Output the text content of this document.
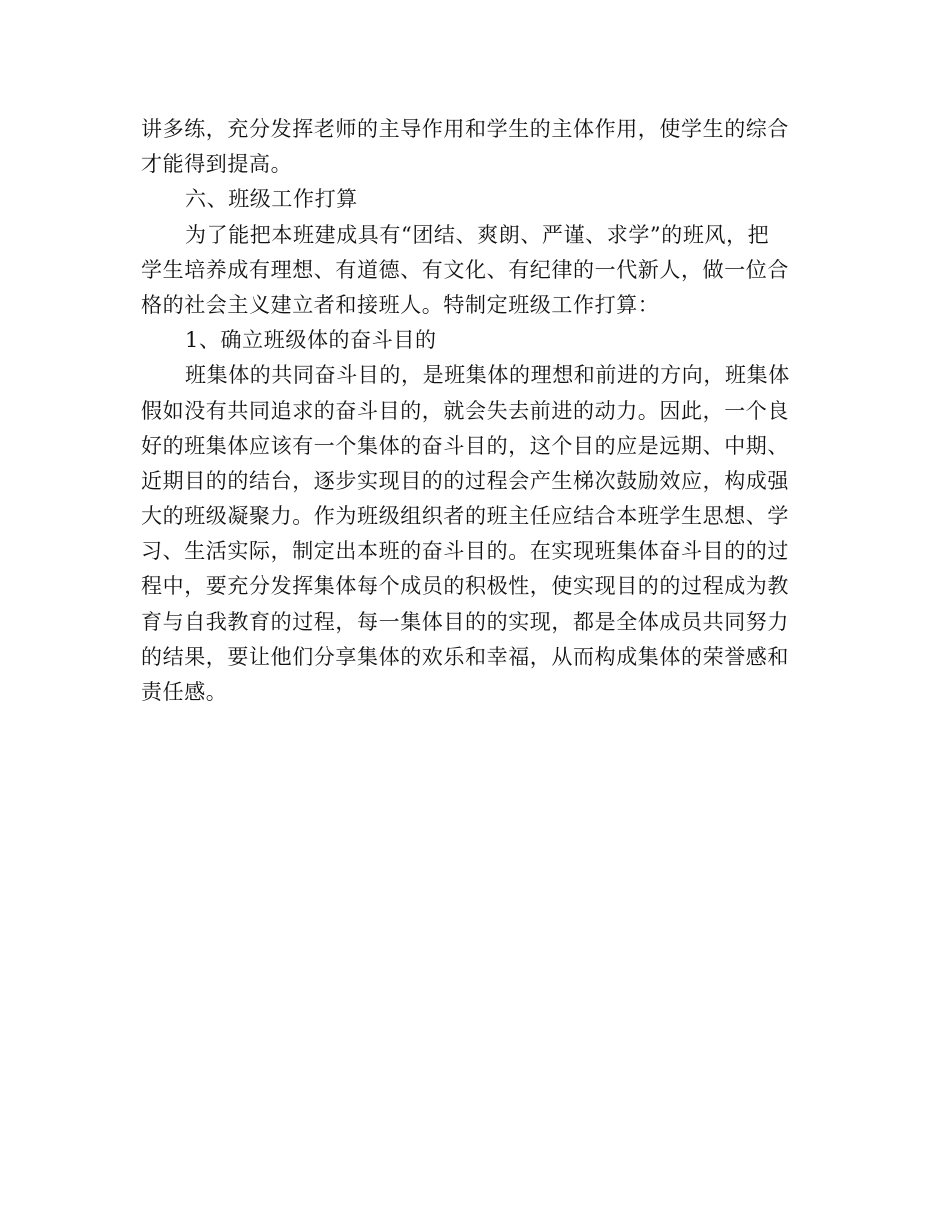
讲多练，充分发挥老师的主导作用和学生的主体作用，使学生的综合
才能得到提高。
六、班级工作打算
为了能把本班建成具有“团结、爽朗、严谨、求学”的班风，把
学生培养成有理想、有道德、有文化、有纪律的一代新人，做一位合
格的社会主义建立者和接班人。特制定班级工作打算：
1、确立班级体的奋斗目的
班集体的共同奋斗目的，是班集体的理想和前进的方向，班集体
假如没有共同追求的奋斗目的，就会失去前进的动力。因此，一个良
好的班集体应该有一个集体的奋斗目的，这个目的应是远期、中期、
近期目的的结台，逐步实现目的的过程会产生梯次鼓励效应，构成强
大的班级凝聚力。作为班级组织者的班主任应结合本班学生思想、学
习、生活实际，制定出本班的奋斗目的。在实现班集体奋斗目的的过
程中，要充分发挥集体每个成员的积极性，使实现目的的过程成为教
育与自我教育的过程，每一集体目的的实现，都是全体成员共同努力
的结果，要让他们分享集体的欢乐和幸福，从而构成集体的荣誉感和
责任感。
